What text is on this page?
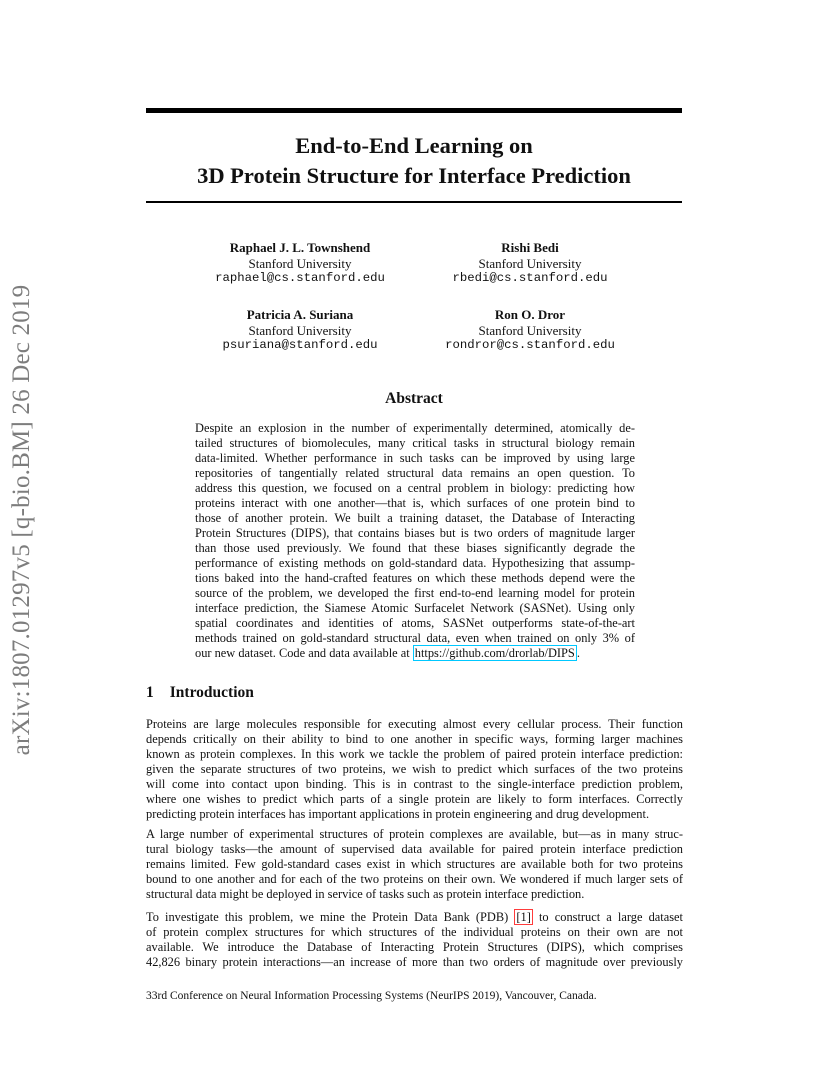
arXiv:1807.01297v5 [q-bio.BM] 26 Dec 2019
End-to-End Learning on
3D Protein Structure for Interface Prediction
Raphael J. L. Townshend
Stanford University
raphael@cs.stanford.edu
Rishi Bedi
Stanford University
rbedi@cs.stanford.edu
Patricia A. Suriana
Stanford University
psuriana@stanford.edu
Ron O. Dror
Stanford University
rondror@cs.stanford.edu
Abstract
Despite an explosion in the number of experimentally determined, atomically de-
tailed structures of biomolecules, many critical tasks in structural biology remain
data-limited. Whether performance in such tasks can be improved by using large
repositories of tangentially related structural data remains an open question. To
address this question, we focused on a central problem in biology: predicting how
proteins interact with one another—that is, which surfaces of one protein bind to
those of another protein. We built a training dataset, the Database of Interacting
Protein Structures (DIPS), that contains biases but is two orders of magnitude larger
than those used previously. We found that these biases significantly degrade the
performance of existing methods on gold-standard data. Hypothesizing that assump-
tions baked into the hand-crafted features on which these methods depend were the
source of the problem, we developed the first end-to-end learning model for protein
interface prediction, the Siamese Atomic Surfacelet Network (SASNet). Using only
spatial coordinates and identities of atoms, SASNet outperforms state-of-the-art
methods trained on gold-standard structural data, even when trained on only 3% of
our new dataset. Code and data available at https://github.com/drorlab/DIPS .
1 Introduction
Proteins are large molecules responsible for executing almost every cellular process. Their function
depends critically on their ability to bind to one another in specific ways, forming larger machines
known as protein complexes. In this work we tackle the problem of paired protein interface prediction:
given the separate structures of two proteins, we wish to predict which surfaces of the two proteins
will come into contact upon binding. This is in contrast to the single-interface prediction problem,
where one wishes to predict which parts of a single protein are likely to form interfaces. Correctly
predicting protein interfaces has important applications in protein engineering and drug development.
A large number of experimental structures of protein complexes are available, but—as in many struc-
tural biology tasks—the amount of supervised data available for paired protein interface prediction
remains limited. Few gold-standard cases exist in which structures are available both for two proteins
bound to one another and for each of the two proteins on their own. We wondered if much larger sets of
structural data might be deployed in service of tasks such as protein interface prediction.
To investigate this problem, we mine the Protein Data Bank (PDB) [1] to construct a large dataset
of protein complex structures for which structures of the individual proteins on their own are not
available. We introduce the Database of Interacting Protein Structures (DIPS), which comprises
42,826 binary protein interactions—an increase of more than two orders of magnitude over previously
33rd Conference on Neural Information Processing Systems (NeurIPS 2019), Vancouver, Canada.
